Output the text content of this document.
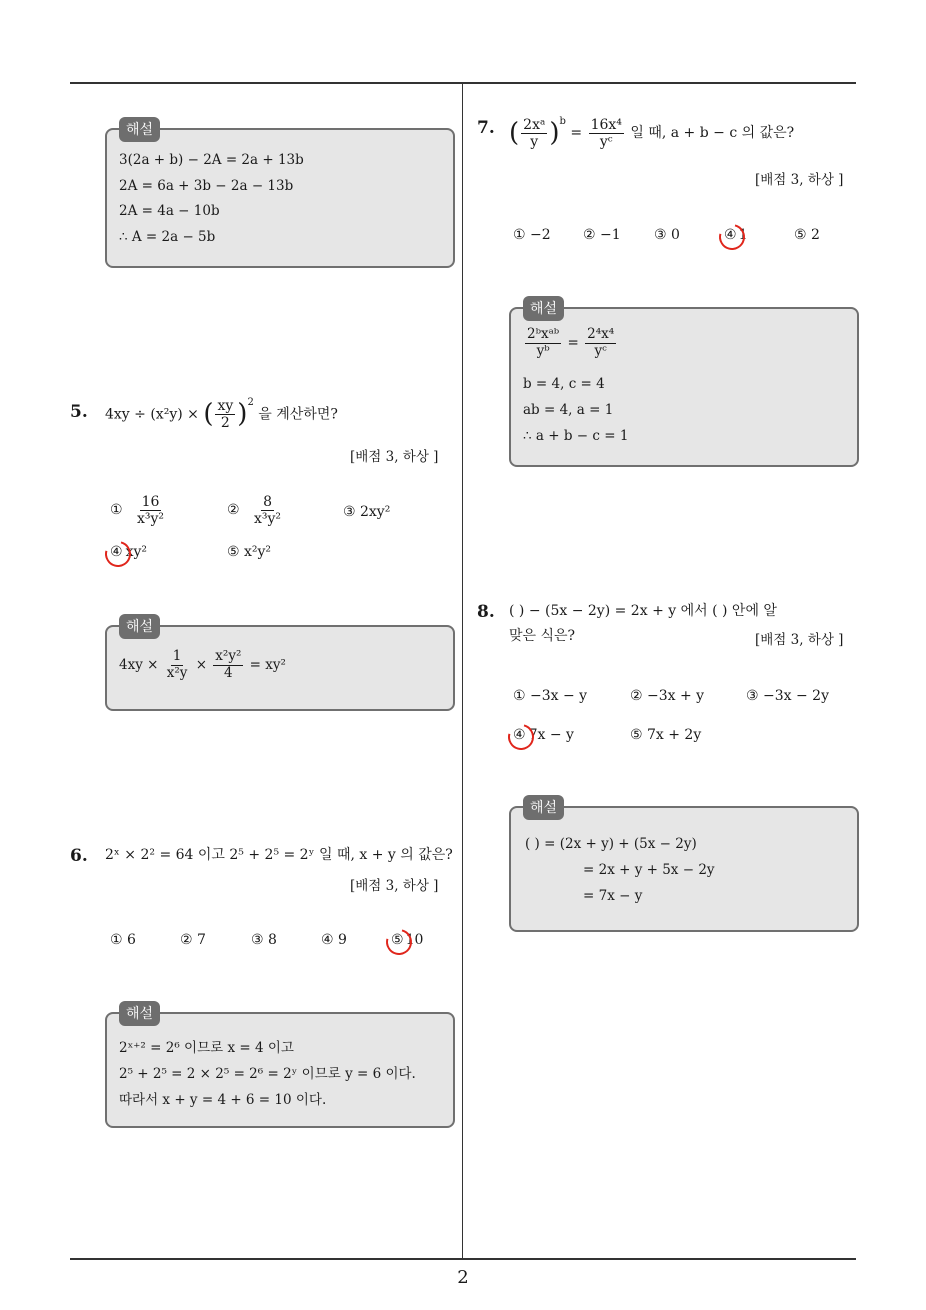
3(2a + b) − 2A = 2a + 13b
2A = 6a + 3b − 2a − 13b
2A = 4a − 10b
∴ A = 2a − 5b
해설
5. 4xy ÷ (x²y) × ( $\frac{xy}{2} )^2$ 을 계산하면?
[배점 3, 하상 ]
① $\frac{16}{\text{x³y²}}$	② $\frac{8}{\text{x³y²}}$	③ 2xy²
④ xy²	⑤ x²y²
$4xy \times \frac{1}{\text{x²y}} \times \frac{\text{x²y²}}{4} = xy^2$
해설
6. 2ˣ × 2² = 64 이고 2⁵ + 2⁵ = 2ʸ 일 때, x + y 의 값은?
[배점 3, 하상 ]
① 6	② 7	③ 8	④ 9	⑤ 10
2ˣ⁺² = 2⁶ 이므로 x = 4 이고
2⁵ + 2⁵ = 2 × 2⁵ = 2⁶ = 2ʸ 이므로 y = 6 이다.
따라서 x + y = 4 + 6 = 10 이다.
해설
7. ( $\frac{\text{2xᵃ}}{y} )^b = \frac{\text{16x⁴}}{\text{yᶜ}}$ 일 때, a + b − c 의 값은?
[배점 3, 하상 ]
① −2 ② −1 ③ 0	④ 1	⑤ 2
$\frac{\text{2ᵇxᵃᵇ}}{\text{yᵇ}} = \frac{\text{2⁴x⁴}}{\text{yᶜ}}$
b = 4, c = 4
ab = 4, a = 1
∴ a + b − c = 1
해설
8. ( ) − (5x − 2y) = 2x + y 에서 ( ) 안에 알
맞은 식은?	[배점 3, 하상 ]
① −3x − y	② −3x + y	③ −3x − 2y
④ 7x − y	⑤ 7x + 2y
( ) = (2x + y) + (5x − 2y)
= 2x + y + 5x − 2y
= 7x − y
해설
2
